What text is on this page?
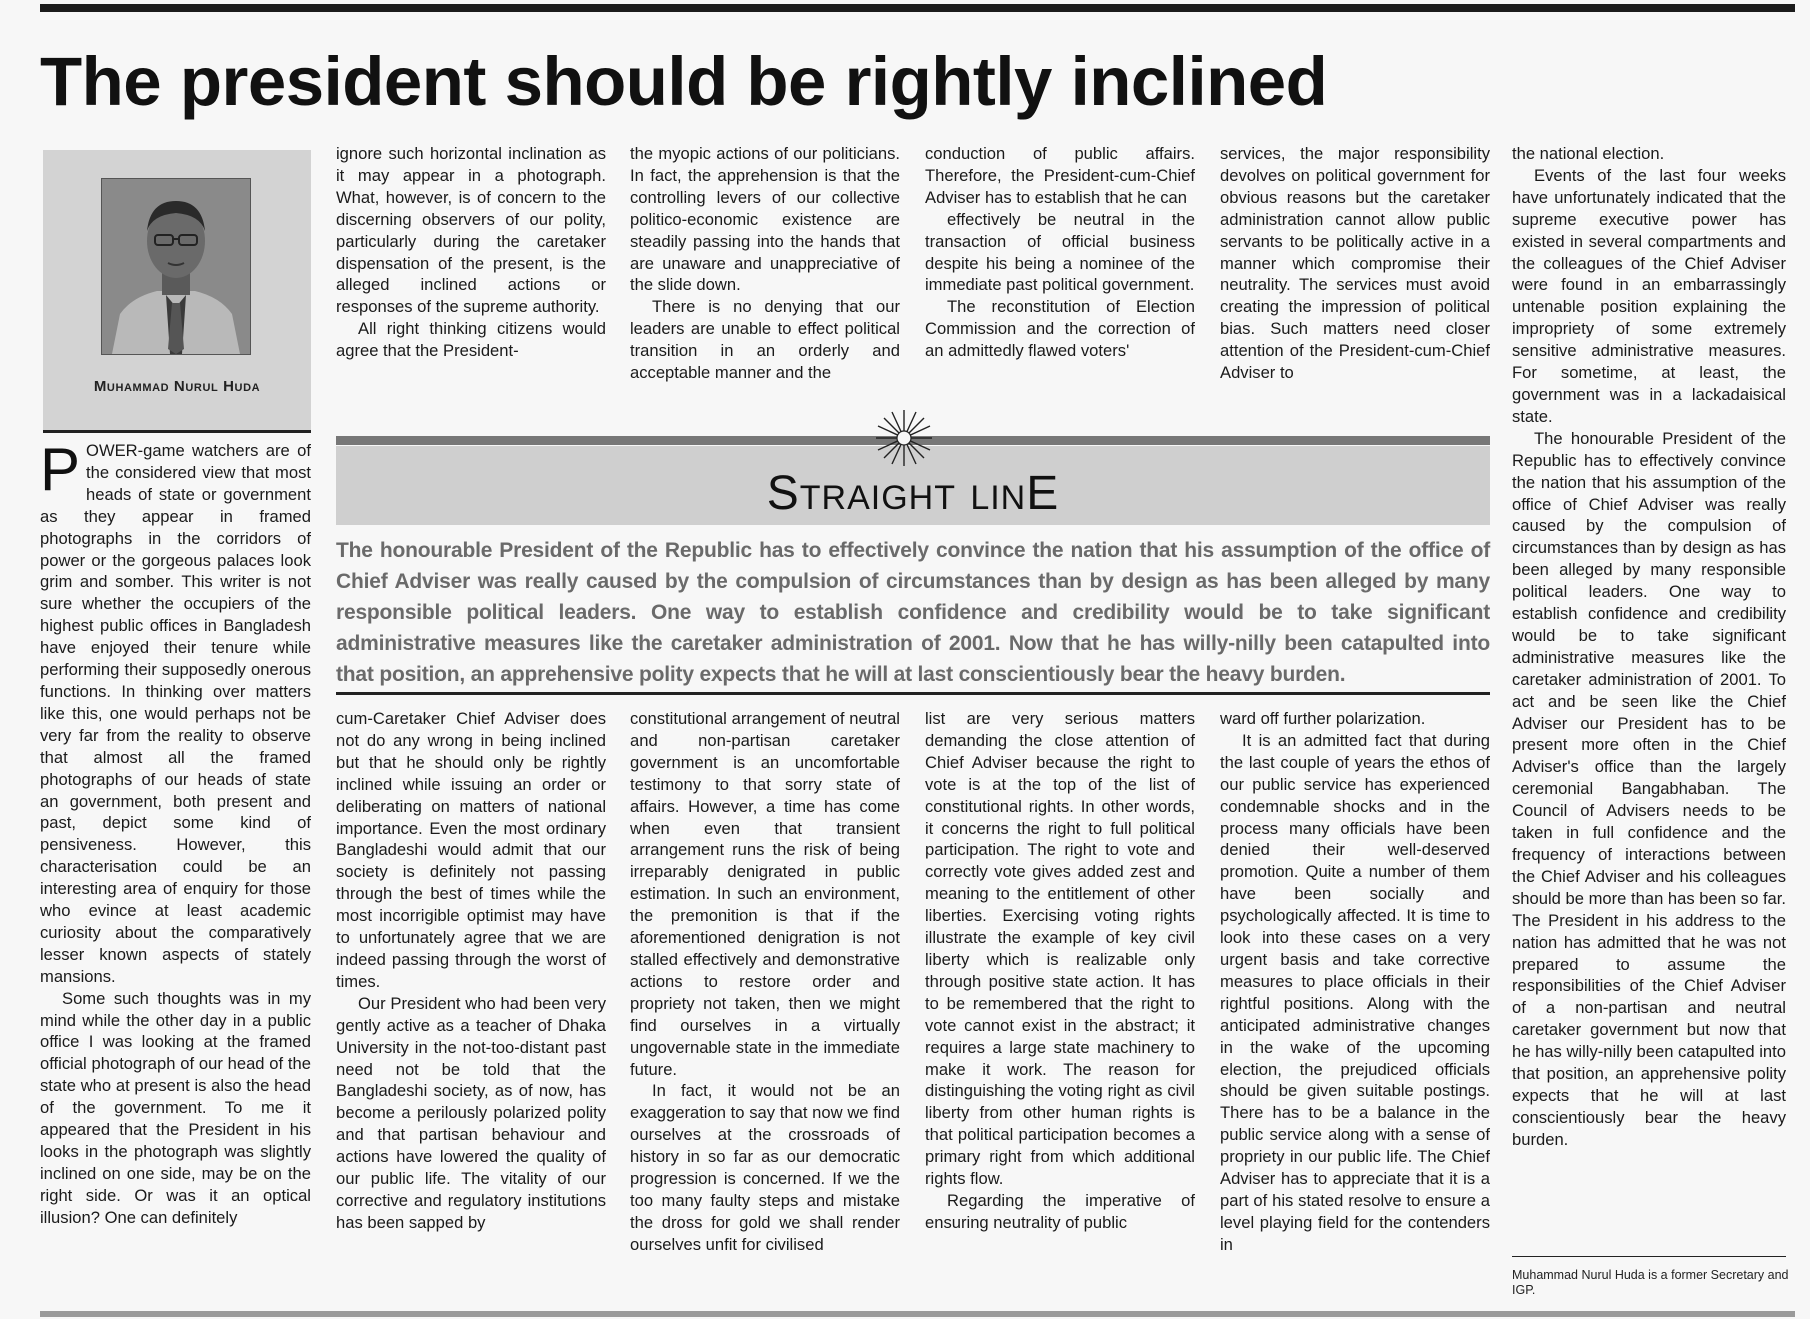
The president should be rightly inclined
Muhammad Nurul Huda

POWER-game watchers are of the considered view that most heads of state or government as they appear in framed photographs in the corridors of power or the gorgeous palaces look grim and somber. This writer is not sure whether the occupiers of the highest public offices in Bangladesh have enjoyed their tenure while performing their supposedly onerous functions. In thinking over matters like this, one would perhaps not be very far from the reality to observe that almost all the framed photographs of our heads of state an government, both present and past, depict some kind of pensiveness. However, this characterisation could be an interesting area of enquiry for those who evince at least academic curiosity about the comparatively lesser known aspects of stately mansions.

Some such thoughts was in my mind while the other day in a public office I was looking at the framed official photograph of our head of the state who at present is also the head of the government. To me it appeared that the President in his looks in the photograph was slightly inclined on one side, may be on the right side. Or was it an optical illusion? One can definitely

ignore such horizontal inclination as it may appear in a photograph. What, however, is of concern to the discerning observers of our polity, particularly during the caretaker dispensation of the present, is the alleged inclined actions or responses of the supreme authority.

All right thinking citizens would agree that the President-

the myopic actions of our politicians. In fact, the apprehension is that the controlling levers of our collective politico-economic existence are steadily passing into the hands that are unaware and unappreciative of the slide down.

There is no denying that our leaders are unable to effect political transition in an orderly and acceptable manner and the

conduction of public affairs. Therefore, the President-cum-Chief Adviser has to establish that he can

effectively be neutral in the transaction of official business despite his being a nominee of the immediate past political government.

The reconstitution of Election Commission and the correction of an admittedly flawed voters'

services, the major responsibility devolves on political government for obvious reasons but the caretaker administration cannot allow public servants to be politically active in a manner which compromise their neutrality. The services must avoid creating the impression of political bias. Such matters need closer attention of the President-cum-Chief Adviser to

Straight linE
The honourable President of the Republic has to effectively convince the nation that his assumption of the office of Chief Adviser was really caused by the compulsion of circumstances than by design as has been alleged by many responsible political leaders. One way to establish confidence and credibility would be to take significant administrative measures like the caretaker administration of 2001. Now that he has willy-nilly been catapulted into that position, an apprehensive polity expects that he will at last conscientiously bear the heavy burden.

cum-Caretaker Chief Adviser does not do any wrong in being inclined but that he should only be rightly inclined while issuing an order or deliberating on matters of national importance. Even the most ordinary Bangladeshi would admit that our society is definitely not passing through the best of times while the most incorrigible optimist may have to unfortunately agree that we are indeed passing through the worst of times.

Our President who had been very gently active as a teacher of Dhaka University in the not-too-distant past need not be told that the Bangladeshi society, as of now, has become a perilously polarized polity and that partisan behaviour and actions have lowered the quality of our public life. The vitality of our corrective and regulatory institutions has been sapped by

constitutional arrangement of neutral and non-partisan caretaker government is an uncomfortable testimony to that sorry state of affairs. However, a time has come when even that transient arrangement runs the risk of being irreparably denigrated in public estimation. In such an environment, the premonition is that if the aforementioned denigration is not stalled effectively and demonstrative actions to restore order and propriety not taken, then we might find ourselves in a virtually ungovernable state in the immediate future.

In fact, it would not be an exaggeration to say that now we find ourselves at the crossroads of history in so far as our democratic progression is concerned. If we the too many faulty steps and mistake the dross for gold we shall render ourselves unfit for civilised

list are very serious matters demanding the close attention of Chief Adviser because the right to vote is at the top of the list of constitutional rights. In other words, it concerns the right to full political participation. The right to vote and correctly vote gives added zest and meaning to the entitlement of other liberties. Exercising voting rights illustrate the example of key civil liberty which is realizable only through positive state action. It has to be remembered that the right to vote cannot exist in the abstract; it requires a large state machinery to make it work. The reason for distinguishing the voting right as civil liberty from other human rights is that political participation becomes a primary right from which additional rights flow.

Regarding the imperative of ensuring neutrality of public

ward off further polarization.

It is an admitted fact that during the last couple of years the ethos of our public service has experienced condemnable shocks and in the process many officials have been denied their well-deserved promotion. Quite a number of them have been socially and psychologically affected. It is time to look into these cases on a very urgent basis and take corrective measures to place officials in their rightful positions. Along with the anticipated administrative changes in the wake of the upcoming election, the prejudiced officials should be given suitable postings. There has to be a balance in the public service along with a sense of propriety in our public life. The Chief Adviser has to appreciate that it is a part of his stated resolve to ensure a level playing field for the contenders in

the national election.

Events of the last four weeks have unfortunately indicated that the supreme executive power has existed in several compartments and the colleagues of the Chief Adviser were found in an embarrassingly untenable position explaining the impropriety of some extremely sensitive administrative measures. For sometime, at least, the government was in a lackadaisical state.

The honourable President of the Republic has to effectively convince the nation that his assumption of the office of Chief Adviser was really caused by the compulsion of circumstances than by design as has been alleged by many responsible political leaders. One way to establish confidence and credibility would be to take significant administrative measures like the caretaker administration of 2001. To act and be seen like the Chief Adviser our President has to be present more often in the Chief Adviser's office than the largely ceremonial Bangabhaban. The Council of Advisers needs to be taken in full confidence and the frequency of interactions between the Chief Adviser and his colleagues should be more than has been so far. The President in his address to the nation has admitted that he was not prepared to assume the responsibilities of the Chief Adviser of a non-partisan and neutral caretaker government but now that he has willy-nilly been catapulted into that position, an apprehensive polity expects that he will at last conscientiously bear the heavy burden.

Muhammad Nurul Huda is a former Secretary and IGP.
